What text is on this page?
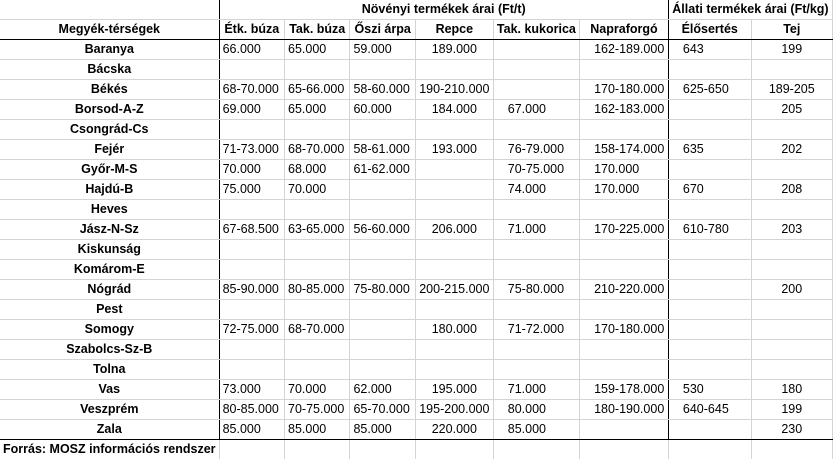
	Növényi termékek árai (Ft/t)						Állati termékek árai (Ft/kg)	
Megyék-térségek	Étk. búza	Tak. búza	Őszi árpa	Repce	Tak. kukorica	Napraforgó	Élősertés	Tej
Baranya	66.000	65.000	59.000	189.000		162-189.000	643	199
Bácska								
Békés	68-70.000	65-66.000	58-60.000	190-210.000		170-180.000	625-650	189-205
Borsod-A-Z	69.000	65.000	60.000	184.000	67.000	162-183.000		205
Csongrád-Cs								
Fejér	71-73.000	68-70.000	58-61.000	193.000	76-79.000	158-174.000	635	202
Győr-M-S	70.000	68.000	61-62.000		70-75.000	170.000		
Hajdú-B	75.000	70.000			74.000	170.000	670	208
Heves								
Jász-N-Sz	67-68.500	63-65.000	56-60.000	206.000	71.000	170-225.000	610-780	203
Kiskunság								
Komárom-E								
Nógrád	85-90.000	80-85.000	75-80.000	200-215.000	75-80.000	210-220.000		200
Pest								
Somogy	72-75.000	68-70.000		180.000	71-72.000	170-180.000		
Szabolcs-Sz-B								
Tolna								
Vas	73.000	70.000	62.000	195.000	71.000	159-178.000	530	180
Veszprém	80-85.000	70-75.000	65-70.000	195-200.000	80.000	180-190.000	640-645	199
Zala	85.000	85.000	85.000	220.000	85.000			230
Forrás: MOSZ információs rendszer								
